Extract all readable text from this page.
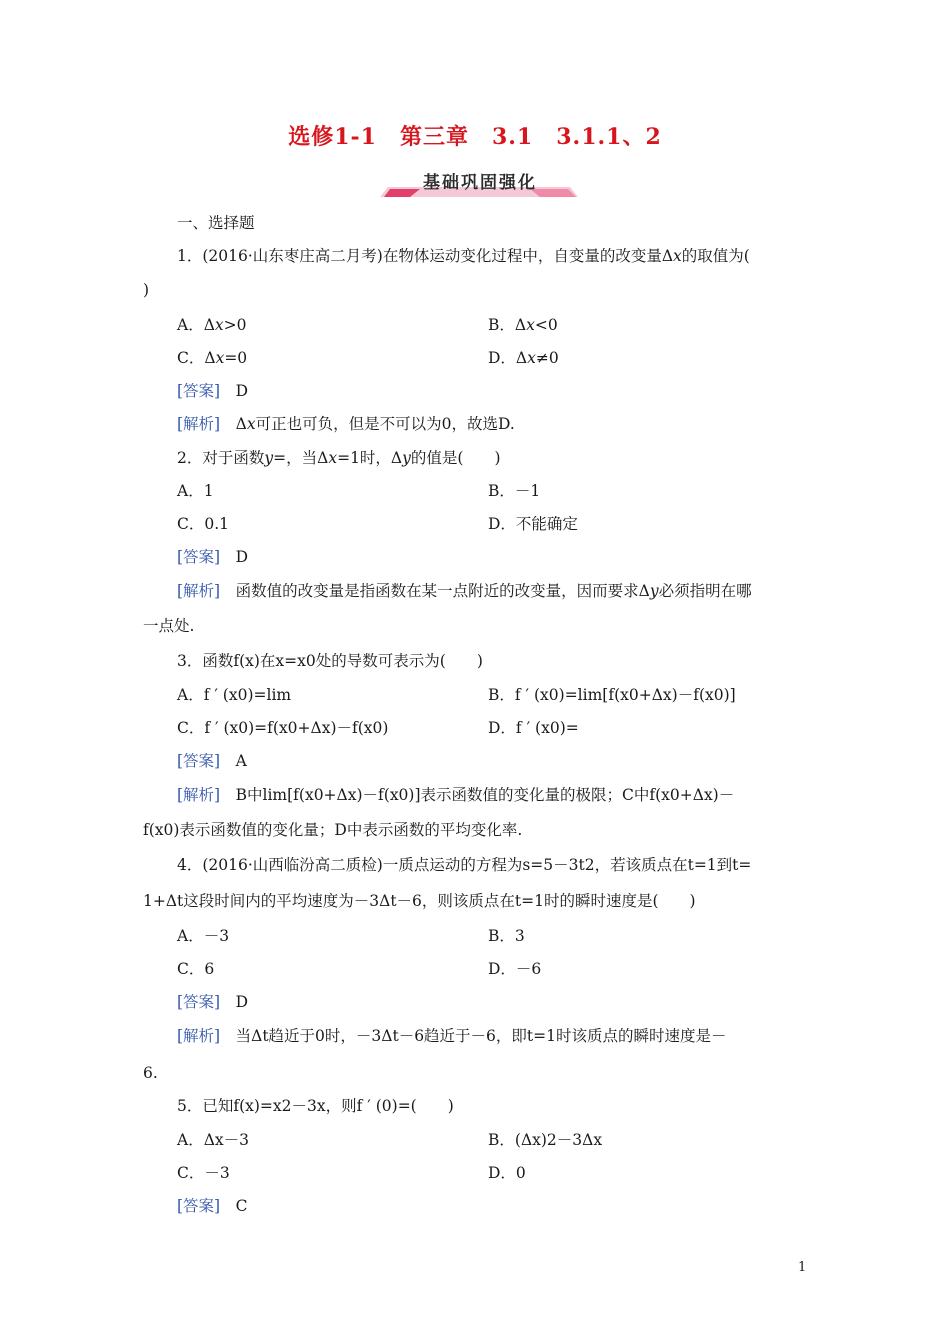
选修1-1　第三章　3.1　3.1.1、2
基础巩固强化
一、选择题
1．(2016·山东枣庄高二月考)在物体运动变化过程中，自变量的改变量Δx的取值为(
)
A．Δx>0	B．Δx<0
C．Δx=0	D．Δx≠0
[答案]　 D
[解析]　 Δx可正也可负，但是不可以为0，故选D.
2．对于函数y=，当Δx=1时，Δy的值是(　　)
A．1	B．－1
C．0.1	D．不能确定
[答案]　 D
[解析]　 函数值的改变量是指函数在某一点附近的改变量，因而要求Δy必须指明在哪
一点处.
3．函数f(x)在x=x0处的导数可表示为(　　)
A．f ′ (x0)=lim	B．f ′ (x0)=lim[f(x0+Δx)－f(x0)]
C．f ′ (x0)=f(x0+Δx)－f(x0)	D．f ′ (x0)=
[答案]　 A
[解析]　 B中lim[f(x0+Δx)－f(x0)]表示函数值的变化量的极限；C中f(x0+Δx)－
f(x0)表示函数值的变化量；D中表示函数的平均变化率.
4．(2016·山西临汾高二质检)一质点运动的方程为s=5－3t2，若该质点在t=1到t=
1+Δt这段时间内的平均速度为－3Δt－6，则该质点在t=1时的瞬时速度是(　　)
A．－3	B．3
C．6	D．－6
[答案]　 D
[解析]　 当Δt趋近于0时，－3Δt－6趋近于－6，即t=1时该质点的瞬时速度是－
6.
5．已知f(x)=x2－3x，则f ′ (0)=(　　)
A．Δx－3	B．(Δx)2－3Δx
C．－3	D．0
[答案]　 C
1
